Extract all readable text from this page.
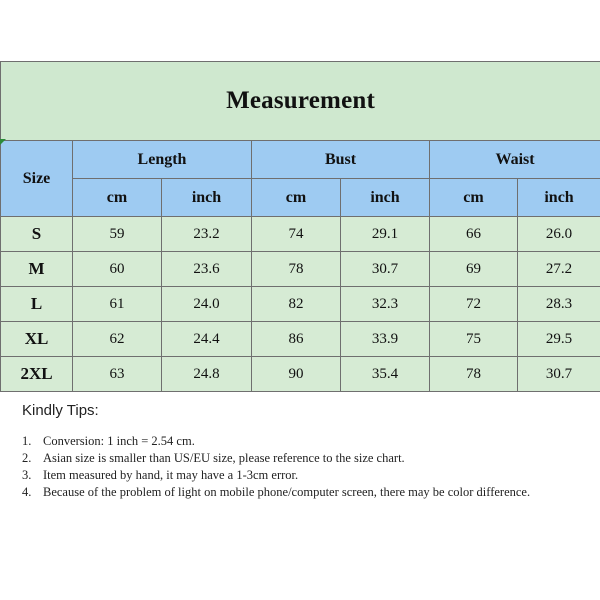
Measurement						
Size	Length		Bust		Waist	
	cm	inch	cm	inch	cm	inch
S	59	23.2	74	29.1	66	26.0
M	60	23.6	78	30.7	69	27.2
L	61	24.0	82	32.3	72	28.3
XL	62	24.4	86	33.9	75	29.5
2XL	63	24.8	90	35.4	78	30.7
Kindly Tips:
1. Conversion: 1 inch = 2.54 cm.
2. Asian size is smaller than US/EU size, please reference to the size chart.
3. Item measured by hand, it may have a 1-3cm error.
4. Because of the problem of light on mobile phone/computer screen, there may be color difference.
